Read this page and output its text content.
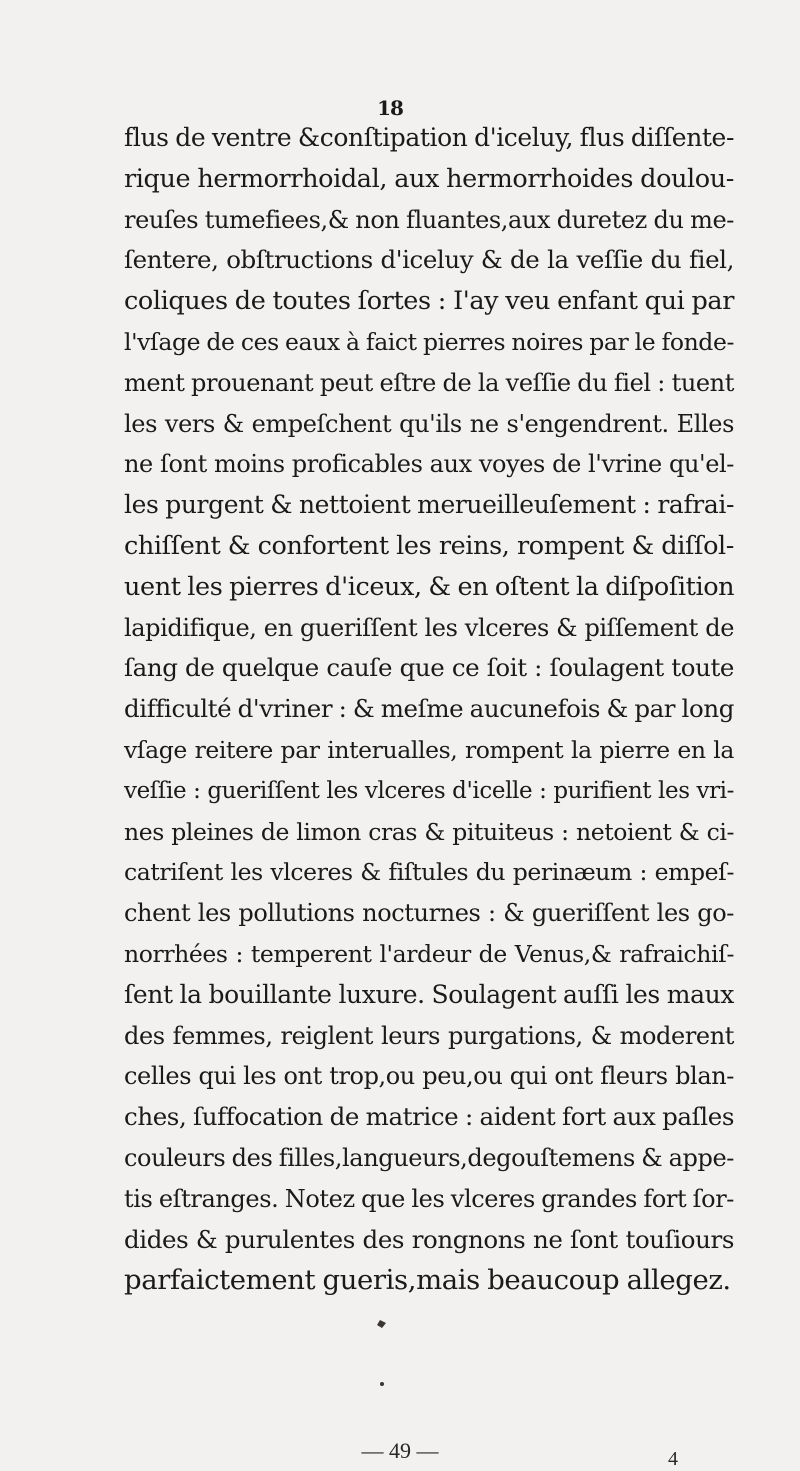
18
flus de ventre &conſtipation d'iceluy, flus diſſente-
rique hermorrhoidal, aux hermorrhoides doulou-
reuſes tumefiees,& non fluantes,aux duretez du me-
ſentere, obſtructions d'iceluy & de la veſſie du fiel,
coliques de toutes ſortes : I'ay veu enfant qui par
l'vſage de ces eaux à faict pierres noires par le fonde-
ment prouenant peut eſtre de la veſſie du fiel : tuent
les vers & empeſchent qu'ils ne s'engendrent. Elles
ne ſont moins proficables aux voyes de l'vrine qu'el-
les purgent & nettoient merueilleuſement : rafrai-
chiſſent & confortent les reins, rompent & diſſol-
uent les pierres d'iceux, & en oſtent la diſpoſition
lapidifique, en gueriſſent les vlceres & piſſement de
ſang de quelque cauſe que ce ſoit : ſoulagent toute
difficulté d'vriner : & meſme aucunefois & par long
vſage reitere par interualles, rompent la pierre en la
veſſie : gueriſſent les vlceres d'icelle : purifient les vri-
nes pleines de limon cras & pituiteus : netoient & ci-
catriſent les vlceres & fiſtules du perinæum : empeſ-
chent les pollutions nocturnes : & gueriſſent les go-
norrhées : temperent l'ardeur de Venus,& rafraichiſ-
ſent la bouillante luxure. Soulagent auſſi les maux
des femmes, reiglent leurs purgations, & moderent
celles qui les ont trop,ou peu,ou qui ont fleurs blan-
ches, ſuffocation de matrice : aident fort aux paſles
couleurs des filles,langueurs,degouſtemens & appe-
tis eſtranges. Notez que les vlceres grandes fort ſor-
dides & purulentes des rongnons ne ſont touſiours
parfaictement gueris,mais beaucoup allegez.
— 49 —	4
